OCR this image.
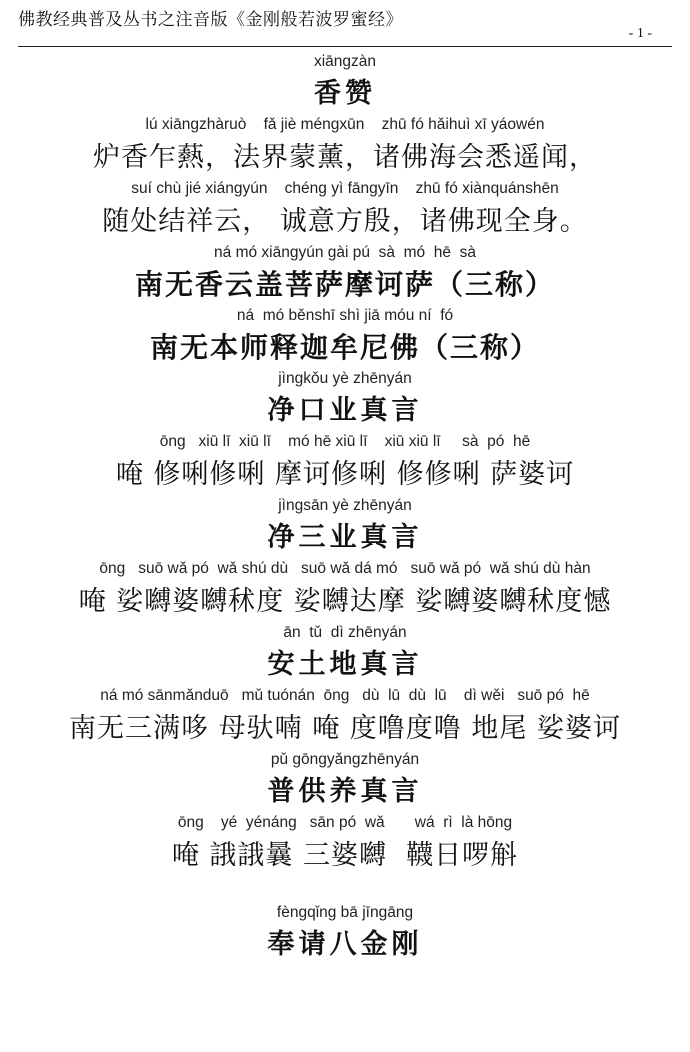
佛教经典普及丛书之注音版《金刚般若波罗蜜经》
- 1 -
xiāngzàn
香赞
lú xiāngzhàruò    fǎ jiè méngxūn    zhū fó hǎihuì xī yáowén
炉香乍爇，法界蒙薰，诸佛海会悉遥闻，
suí chù jié xiángyún    chéng yì fāngyīn    zhū fó xiànquánshēn
随处结祥云， 诚意方殷，诸佛现全身。
ná mó xiāngyún gài pú  sà  mó  hē  sà
南无香云盖菩萨摩诃萨（三称）
ná  mó běnshī shì jiā móu ní  fó
南无本师释迦牟尼佛（三称）
jìngkǒu yè zhēnyán
净口业真言
ōng   xiū lī  xiū lī    mó hē xiū lī    xiū xiū lī     sà  pó  hē
唵 修唎修唎 摩诃修唎 修修唎 萨婆诃
jìngsān yè zhēnyán
净三业真言
ōng   suō wǎ pó  wǎ shú dù   suō wǎ dá mó   suō wǎ pó  wǎ shú dù hàn
唵 娑嚩婆嚩秫度 娑嚩达摩 娑嚩婆嚩秫度憾
ān  tǔ  dì zhēnyán
安土地真言
ná mó sānmǎnduō   mǔ tuónán  ōng   dù  lū  dù  lū    dì wěi   suō pó  hē
南无三满哆 母驮喃 唵 度噜度噜 地尾 娑婆诃
pǔ gōngyǎngzhēnyán
普供养真言
ōng    yé  yénáng   sān pó  wǎ       wá  rì  là hōng
唵 誐誐曩 三婆嚩  韈日啰斛
fèngqǐng bā jīngāng
奉请八金刚
